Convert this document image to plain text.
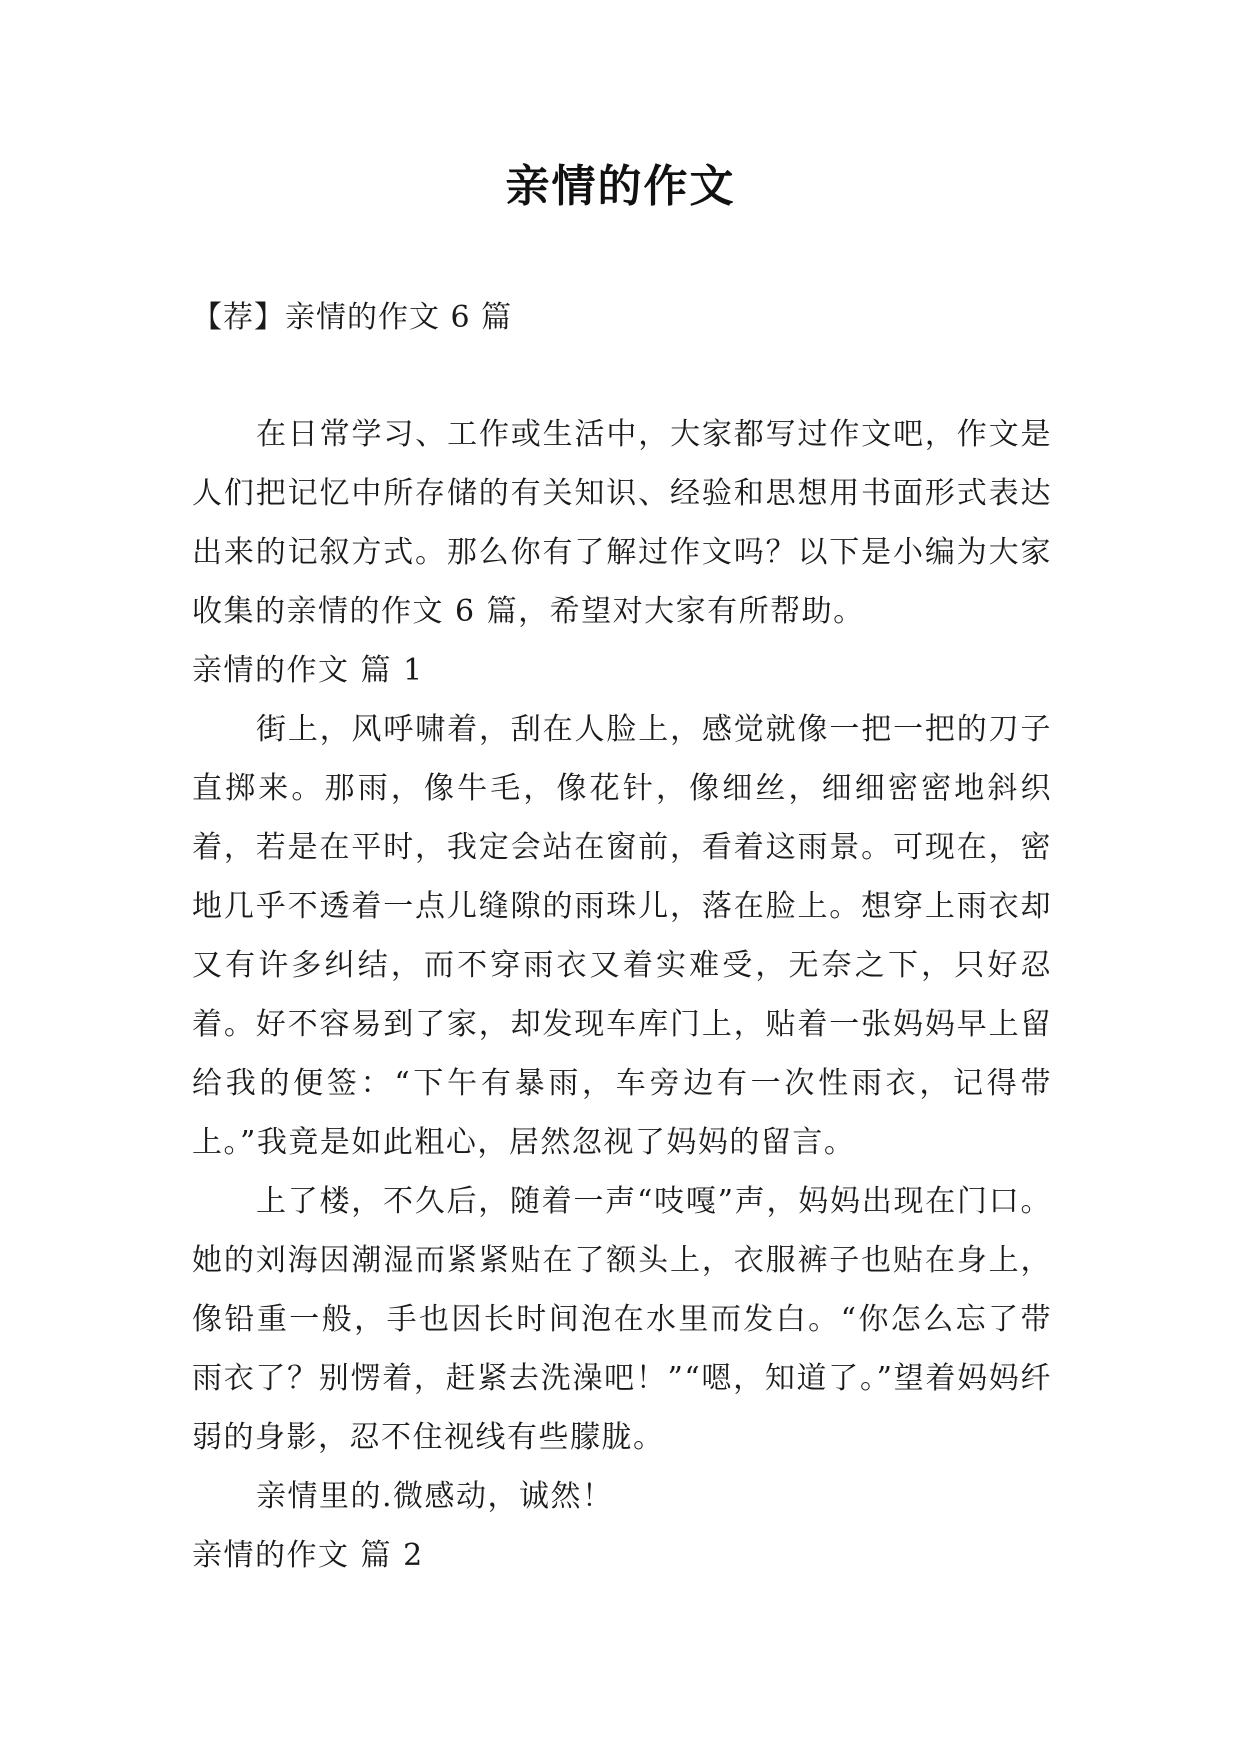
亲情的作文
【荐】亲情的作文 6 篇

在日常学习、工作或生活中，大家都写过作文吧，作文是人们把记忆中所存储的有关知识、经验和思想用书面形式表达出来的记叙方式。那么你有了解过作文吗？以下是小编为大家收集的亲情的作文 6 篇，希望对大家有所帮助。

亲情的作文 篇 1

街上，风呼啸着，刮在人脸上，感觉就像一把一把的刀子直掷来。那雨，像牛毛，像花针，像细丝，细细密密地斜织着，若是在平时，我定会站在窗前，看着这雨景。可现在，密地几乎不透着一点儿缝隙的雨珠儿，落在脸上。想穿上雨衣却又有许多纠结，而不穿雨衣又着实难受，无奈之下，只好忍着。好不容易到了家，却发现车库门上，贴着一张妈妈早上留给我的便签：“下午有暴雨，车旁边有一次性雨衣，记得带上。”我竟是如此粗心，居然忽视了妈妈的留言。

上了楼，不久后，随着一声“吱嘎”声，妈妈出现在门口。她的刘海因潮湿而紧紧贴在了额头上，衣服裤子也贴在身上，像铅重一般，手也因长时间泡在水里而发白。“你怎么忘了带雨衣了？别愣着，赶紧去洗澡吧！”“嗯，知道了。”望着妈妈纤弱的身影，忍不住视线有些朦胧。

亲情里的.微感动，诚然！

亲情的作文 篇 2
